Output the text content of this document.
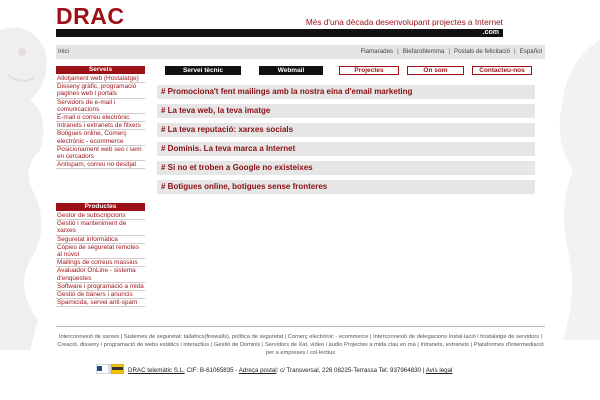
DRAC	Més d'una dècada desenvolupant projectes a Internet
.com
Inici	Flamarades | Blefaroblemma | Postals de felicitació | Español
Serveis
Allotjament web (Hostalatge)
Disseny gràfic, programació pàgines web i portals
Servidors de e-mail i comunicacions
E-mail o correu electrònic
Intranets i extranets de fitxers
Botigues online, Comerç electrònic - ecommerce
Posicionament web seo i sem en cercadors
Antispam, correu no desitjat
Productes
Gestor de subscripcions
Gestió i manteniment de xarxes
Seguretat informàtica
Còpies de seguretat remotes al núvol
Mailings de correus massius
Avaluador OnLine - sistema d'enquestes
Software i programació a mida
Gestió de bàners i anuncis
Spamicida, servei anti-spam
Servei tècnic	Webmail	Projectes	On som	Contacteu-nos
# Promociona't fent mailings amb la nostra eina d'email marketing
# La teva web, la teva imatge
# La teva reputació: xarxes socials
# Dominis. La teva marca a Internet
# Si no et troben a Google no existeixes
# Botigues online, botigues sense fronteres
Interconnexió de xarxes | Sistemes de seguretat: tallafocs(firewalls), política de seguretat | Comerç electrònic - ecommerce | Interconnexió de delegacions Instal·lació i hostalatge de servidors | Creació, disseny i programació de webs estàtics i interactius | Gestió de Dominis | Servidors de Xat, vídeo i àudio Projectes a mida clau en mà | Intranets, extranets | Plataformes d'intermediació per a empreses i col·lectius
DRAC telemàtic S.L. CIF: B-61065835 - Adreça postal: c/ Transversal, 226 08225-Terrassa Tel: 937964830 | Avís legal
